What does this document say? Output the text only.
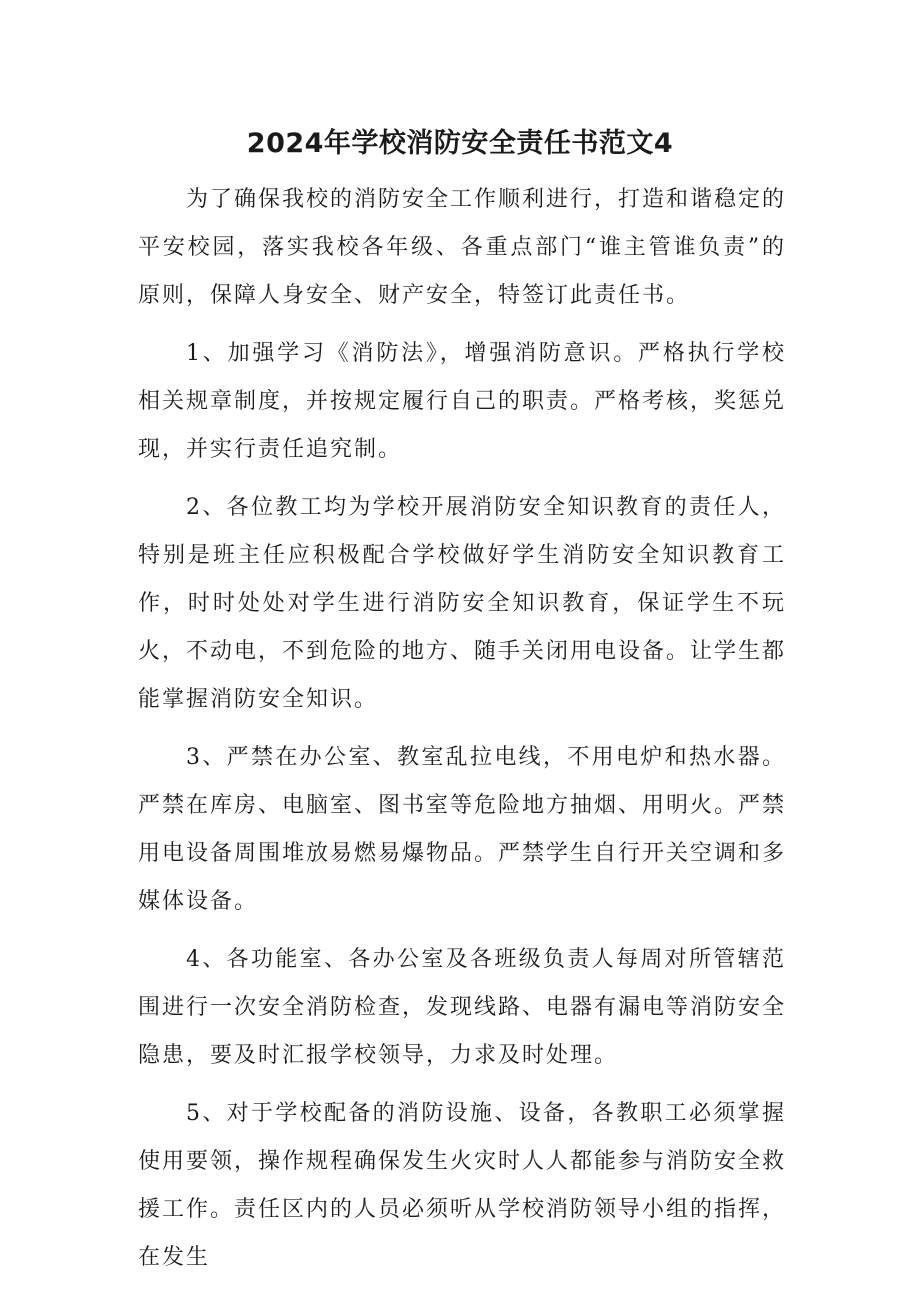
2024年学校消防安全责任书范文4

为了确保我校的消防安全工作顺利进行，打造和谐稳定的平安校园，落实我校各年级、各重点部门“谁主管谁负责”的原则，保障人身安全、财产安全，特签订此责任书。

1、加强学习《消防法》，增强消防意识。严格执行学校相关规章制度，并按规定履行自己的职责。严格考核，奖惩兑现，并实行责任追究制。

2、各位教工均为学校开展消防安全知识教育的责任人，特别是班主任应积极配合学校做好学生消防安全知识教育工作，时时处处对学生进行消防安全知识教育，保证学生不玩火，不动电，不到危险的地方、随手关闭用电设备。让学生都能掌握消防安全知识。

3、严禁在办公室、教室乱拉电线，不用电炉和热水器。严禁在库房、电脑室、图书室等危险地方抽烟、用明火。严禁用电设备周围堆放易燃易爆物品。严禁学生自行开关空调和多媒体设备。

4、各功能室、各办公室及各班级负责人每周对所管辖范围进行一次安全消防检查，发现线路、电器有漏电等消防安全隐患，要及时汇报学校领导，力求及时处理。

5、对于学校配备的消防设施、设备，各教职工必须掌握使用要领，操作规程确保发生火灾时人人都能参与消防安全救援工作。责任区内的人员必须听从学校消防领导小组的指挥，在发生
